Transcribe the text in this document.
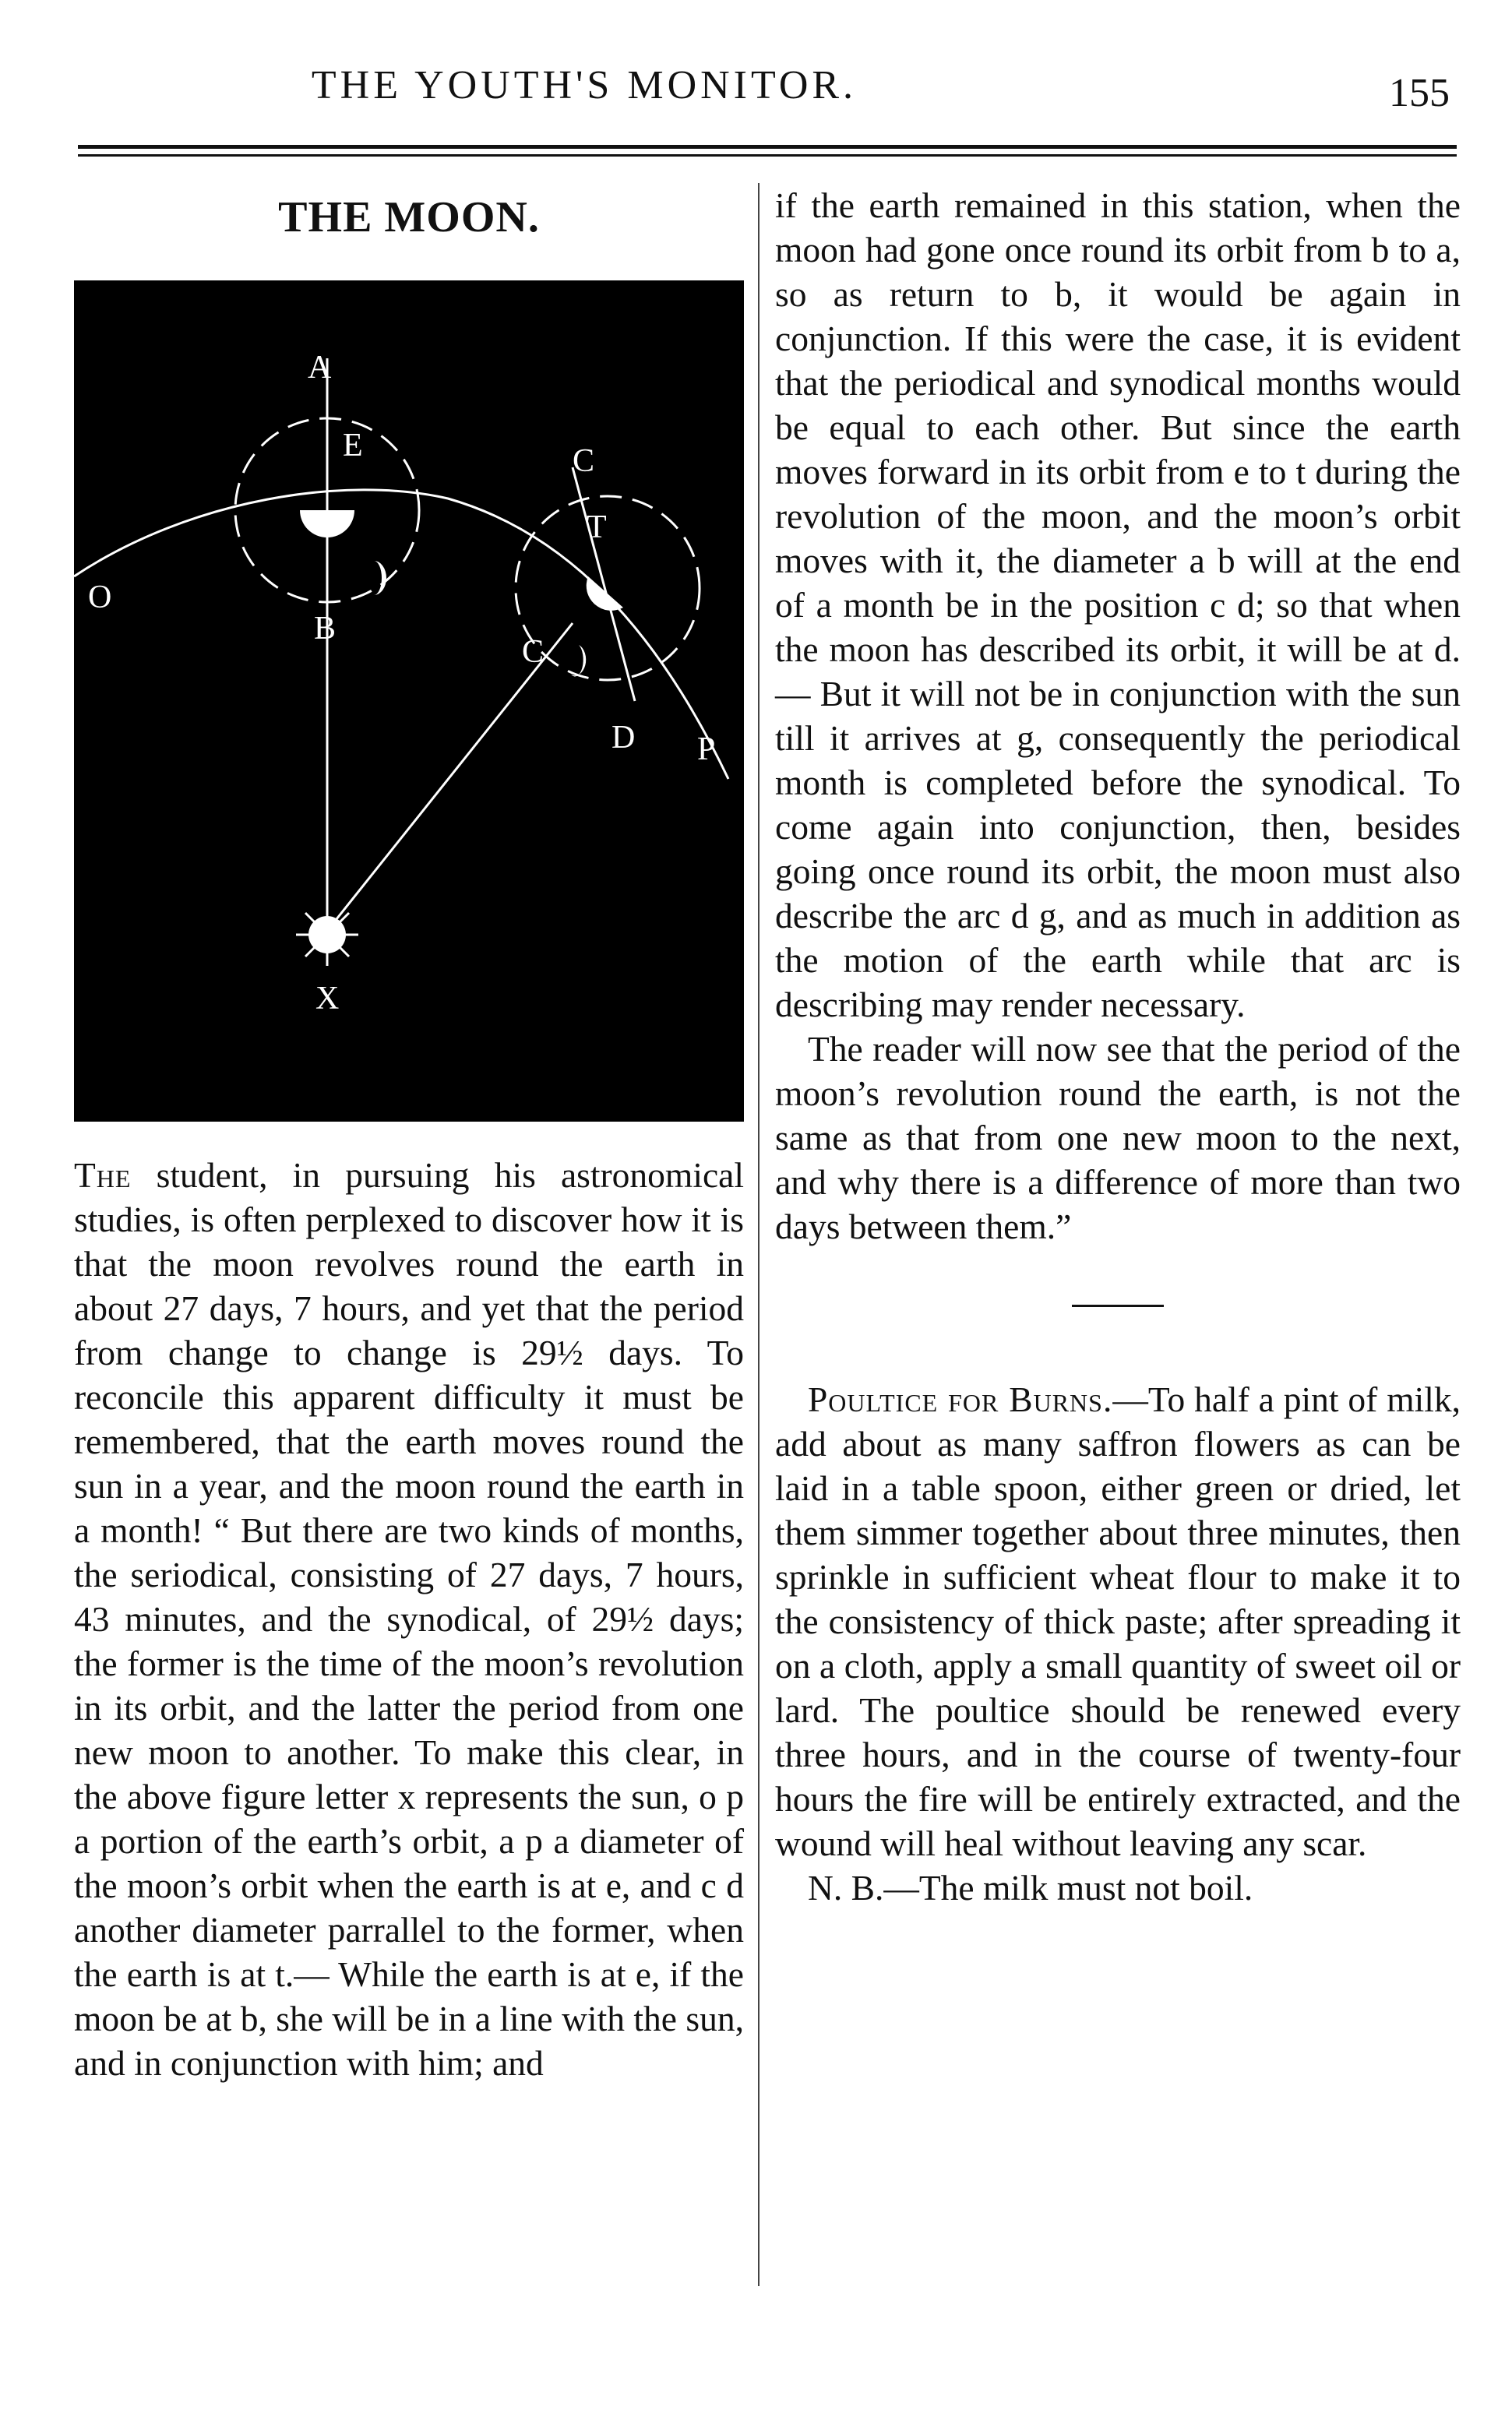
THE YOUTH'S MONITOR.	155
THE MOON.
A
E
B
C
T
C
D
O
P
X

The student, in pursuing his astronomical studies, is often perplexed to discover how it is that the moon revolves round the earth in about 27 days, 7 hours, and yet that the period from change to change is 29½ days. To reconcile this apparent difficulty it must be remembered, that the earth moves round the sun in a year, and the moon round the earth in a month! “ But there are two kinds of months, the seriodical, consisting of 27 days, 7 hours, 43 minutes, and the synodical, of 29½ days; the former is the time of the moon’s revolution in its orbit, and the latter the period from one new moon to another. To make this clear, in the above figure letter x represents the sun, o p a portion of the earth’s orbit, a p a diameter of the moon’s orbit when the earth is at e, and c d another diameter parrallel to the former, when the earth is at t.— While the earth is at e, if the moon be at b, she will be in a line with the sun, and in conjunction with him; and

if the earth remained in this station, when the moon had gone once round its orbit from b to a, so as return to b, it would be again in conjunction. If this were the case, it is evident that the periodical and synodical months would be equal to each other. But since the earth moves forward in its orbit from e to t during the revolution of the moon, and the moon’s orbit moves with it, the diameter a b will at the end of a month be in the position c d; so that when the moon has described its orbit, it will be at d.— But it will not be in conjunction with the sun till it arrives at g, consequently the periodical month is completed before the synodical. To come again into conjunction, then, besides going once round its orbit, the moon must also describe the arc d g, and as much in addition as the motion of the earth while that arc is describing may render necessary.

The reader will now see that the period of the moon’s revolution round the earth, is not the same as that from one new moon to the next, and why there is a difference of more than two days between them.”

Poultice for Burns.—To half a pint of milk, add about as many saffron flowers as can be laid in a table spoon, either green or dried, let them simmer together about three minutes, then sprinkle in sufficient wheat flour to make it to the consistency of thick paste; after spreading it on a cloth, apply a small quantity of sweet oil or lard. The poultice should be renewed every three hours, and in the course of twenty-four hours the fire will be entirely extracted, and the wound will heal without leaving any scar.

N. B.—The milk must not boil.
